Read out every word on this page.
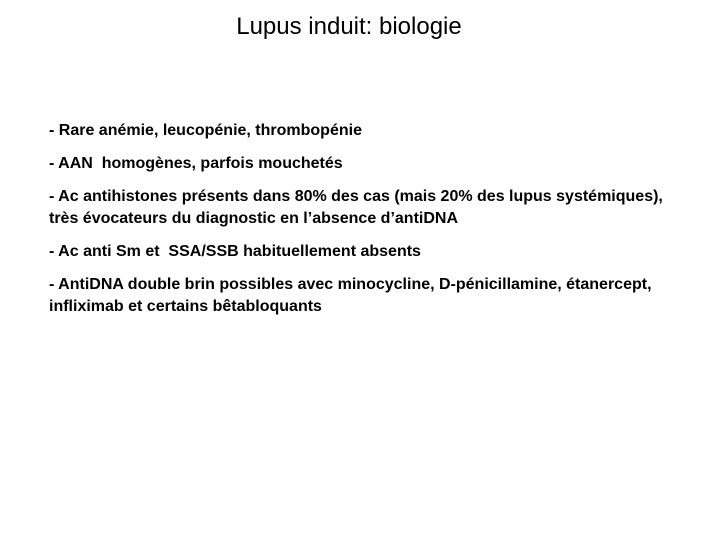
Lupus induit: biologie
- Rare anémie, leucopénie, thrombopénie
- AAN  homogènes, parfois mouchetés
- Ac antihistones présents dans 80% des cas (mais 20% des lupus systémiques), très évocateurs du diagnostic en l’absence d’antiDNA
- Ac anti Sm et  SSA/SSB habituellement absents
- AntiDNA double brin possibles avec minocycline, D-pénicillamine, étanercept, infliximab et certains bêtabloquants
